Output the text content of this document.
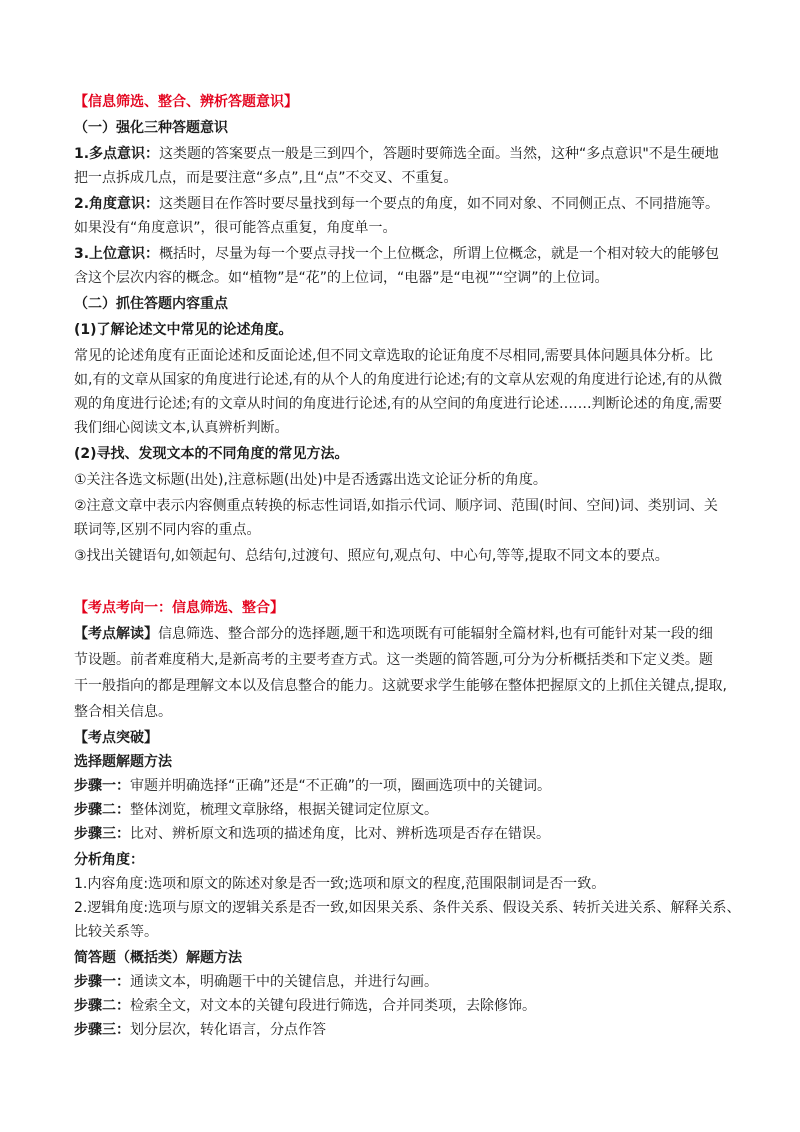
【信息筛选、整合、辨析答题意识】
（一）强化三种答题意识
1.多点意识：这类题的答案要点一般是三到四个，答题时要筛选全面。当然，这种“多点意识"不是生硬地
把一点拆成几点，而是要注意“多点”,且“点”不交叉、不重复。
2.角度意识：这类题目在作答时要尽量找到每一个要点的角度，如不同对象、不同侧正点、不同措施等。
如果没有“角度意识”，很可能答点重复，角度单一。
3.上位意识：概括时，尽量为每一个要点寻找一个上位概念，所谓上位概念，就是一个相对较大的能够包
含这个层次内容的概念。如“植物”是“花”的上位词，“电器”是“电视”“空调”的上位词。
（二）抓住答题内容重点
(1)了解论述文中常见的论述角度。
常见的论述角度有正面论述和反面论述,但不同文章选取的论证角度不尽相同,需要具体问题具体分析。比
如,有的文章从国家的角度进行论述,有的从个人的角度进行论述;有的文章从宏观的角度进行论述,有的从微
观的角度进行论述;有的文章从时间的角度进行论述,有的从空间的角度进行论述.……判断论述的角度,需要
我们细心阅读文本,认真辨析判断。
(2)寻找、发现文本的不同角度的常见方法。
①关注各选文标题(出处),注意标题(出处)中是否透露出选文论证分析的角度。
②注意文章中表示内容侧重点转换的标志性词语,如指示代词、顺序词、范围(时间、空间)词、类别词、关
联词等,区别不同内容的重点。
③找出关键语句,如领起句、总结句,过渡句、照应句,观点句、中心句,等等,提取不同文本的要点。
【考点考向一：信息筛选、整合】
【考点解读】信息筛选、整合部分的选择题,题干和选项既有可能辐射全篇材料,也有可能针对某一段的细
节设题。前者难度稍大,是新高考的主要考查方式。这一类题的简答题,可分为分析概括类和下定义类。题
干一般指向的都是理解文本以及信息整合的能力。这就要求学生能够在整体把握原文的上抓住关键点,提取,
整合相关信息。
【考点突破】
选择题解题方法
步骤一：审题并明确选择“正确”还是“不正确”的一项，圈画选项中的关键词。
步骤二：整体浏览，梳理文章脉络，根据关键词定位原文。
步骤三：比对、辨析原文和选项的描述角度，比对、辨析选项是否存在错误。
分析角度：
1.内容角度:选项和原文的陈述对象是否一致;选项和原文的程度,范围限制词是否一致。
2.逻辑角度:选项与原文的逻辑关系是否一致,如因果关系、条件关系、假设关系、转折关进关系、解释关系、
比较关系等。
简答题（概括类）解题方法
步骤一：通读文本，明确题干中的关键信息，并进行勾画。
步骤二：检索全文，对文本的关键句段进行筛选，合并同类项，去除修饰。
步骤三：划分层次，转化语言，分点作答
